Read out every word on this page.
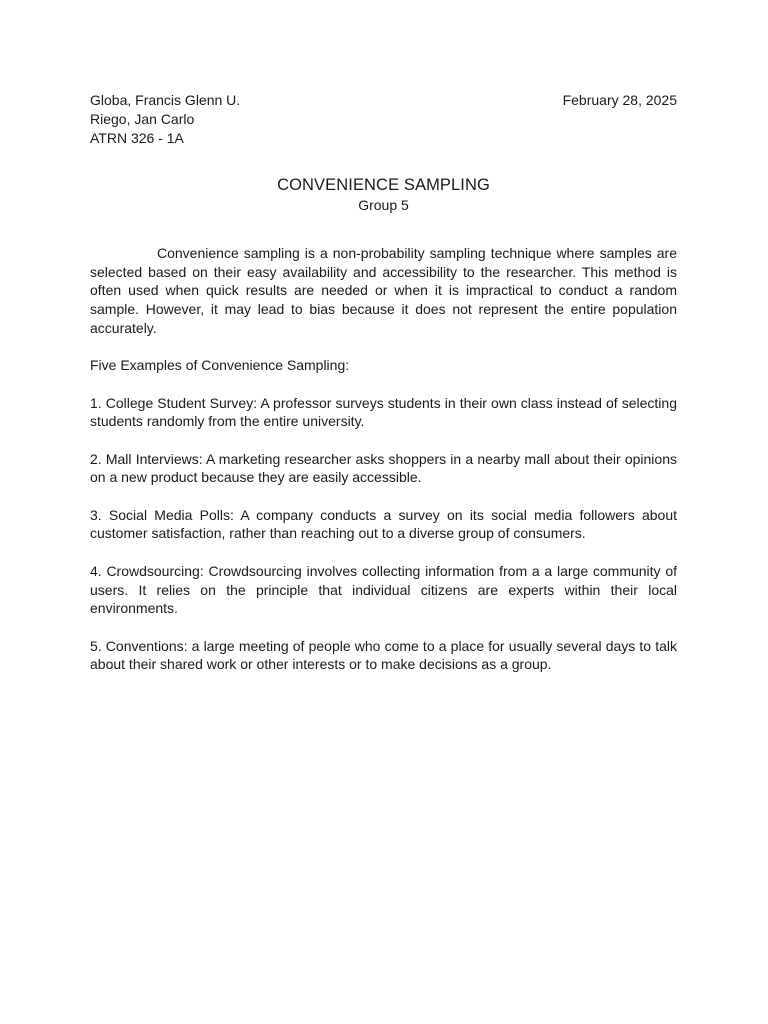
Globa, Francis Glenn U.
Riego, Jan Carlo
ATRN 326 - 1A
February 28, 2025
CONVENIENCE SAMPLING
Group 5

Convenience sampling is a non-probability sampling technique where samples are selected based on their easy availability and accessibility to the researcher. This method is often used when quick results are needed or when it is impractical to conduct a random sample. However, it may lead to bias because it does not represent the entire population accurately.

Five Examples of Convenience Sampling:

1. College Student Survey: A professor surveys students in their own class instead of selecting students randomly from the entire university.

2. Mall Interviews: A marketing researcher asks shoppers in a nearby mall about their opinions on a new product because they are easily accessible.

3. Social Media Polls: A company conducts a survey on its social media followers about customer satisfaction, rather than reaching out to a diverse group of consumers.

4. Crowdsourcing: Crowdsourcing involves collecting information from a a large community of users. It relies on the principle that individual citizens are experts within their local environments.

5. Conventions: a large meeting of people who come to a place for usually several days to talk about their shared work or other interests or to make decisions as a group.
